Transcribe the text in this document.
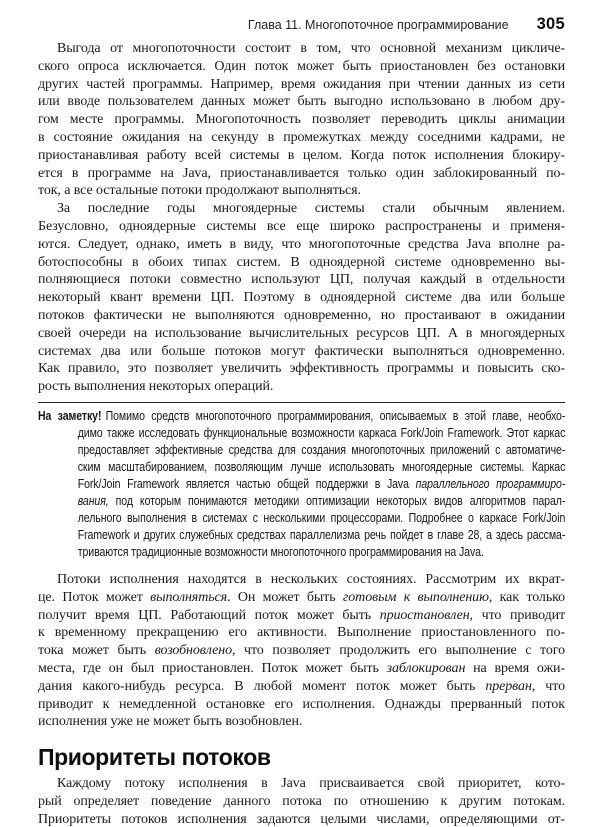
Глава 11. Многопоточное программирование 305
Выгода от многопоточности состоит в том, что основной механизм цикличе-
ского опроса исключается. Один поток может быть приостановлен без остановки
других частей программы. Например, время ожидания при чтении данных из сети
или вводе пользователем данных может быть выгодно использовано в любом дру-
гом месте программы. Многопоточность позволяет переводить циклы анимации
в состояние ожидания на секунду в промежутках между соседними кадрами, не
приостанавливая работу всей системы в целом. Когда поток исполнения блокиру-
ется в программе на Java, приостанавливается только один заблокированный по-
ток, а все остальные потоки продолжают выполняться.
За последние годы многоядерные системы стали обычным явлением.
Безусловно, одноядерные системы все еще широко распространены и применя-
ются. Следует, однако, иметь в виду, что многопоточные средства Java вполне ра-
ботоспособны в обоих типах систем. В одноядерной системе одновременно вы-
полняющиеся потоки совместно используют ЦП, получая каждый в отдельности
некоторый квант времени ЦП. Поэтому в одноядерной системе два или больше
потоков фактически не выполняются одновременно, но простаивают в ожидании
своей очереди на использование вычислительных ресурсов ЦП. А в многоядерных
системах два или больше потоков могут фактически выполняться одновременно.
Как правило, это позволяет увеличить эффективность программы и повысить ско-
рость выполнения некоторых операций.
На заметку! Помимо средств многопоточного программирования, описываемых в этой главе, необхо-
димо также исследовать функциональные возможности каркаса Fork/Join Framework. Этот каркас
предоставляет эффективные средства для создания многопоточных приложений с автоматиче-
ским масштабированием, позволяющим лучше использовать многоядерные системы. Каркас
Fork/Join Framework является частью общей поддержки в Java параллельного программиро-
вания, под которым понимаются методики оптимизации некоторых видов алгоритмов парал-
лельного выполнения в системах с несколькими процессорами. Подробнее о каркасе Fork/Join
Framework и других служебных средствах параллелизма речь пойдет в главе 28, а здесь рассма-
триваются традиционные возможности многопоточного программирования на Java.
Потоки исполнения находятся в нескольких состояниях. Рассмотрим их вкрат-
це. Поток может выполняться. Он может быть готовым к выполнению, как только
получит время ЦП. Работающий поток может быть приостановлен, что приводит
к временному прекращению его активности. Выполнение приостановленного по-
тока может быть возобновлено, что позволяет продолжить его выполнение с того
места, где он был приостановлен. Поток может быть заблокирован на время ожи-
дания какого-нибудь ресурса. В любой момент поток может быть прерван, что
приводит к немедленной остановке его исполнения. Однажды прерванный поток
исполнения уже не может быть возобновлен.
Приоритеты потоков
Каждому потоку исполнения в Java присваивается свой приоритет, кото-
рый определяет поведение данного потока по отношению к другим потокам.
Приоритеты потоков исполнения задаются целыми числами, определяющими от-
